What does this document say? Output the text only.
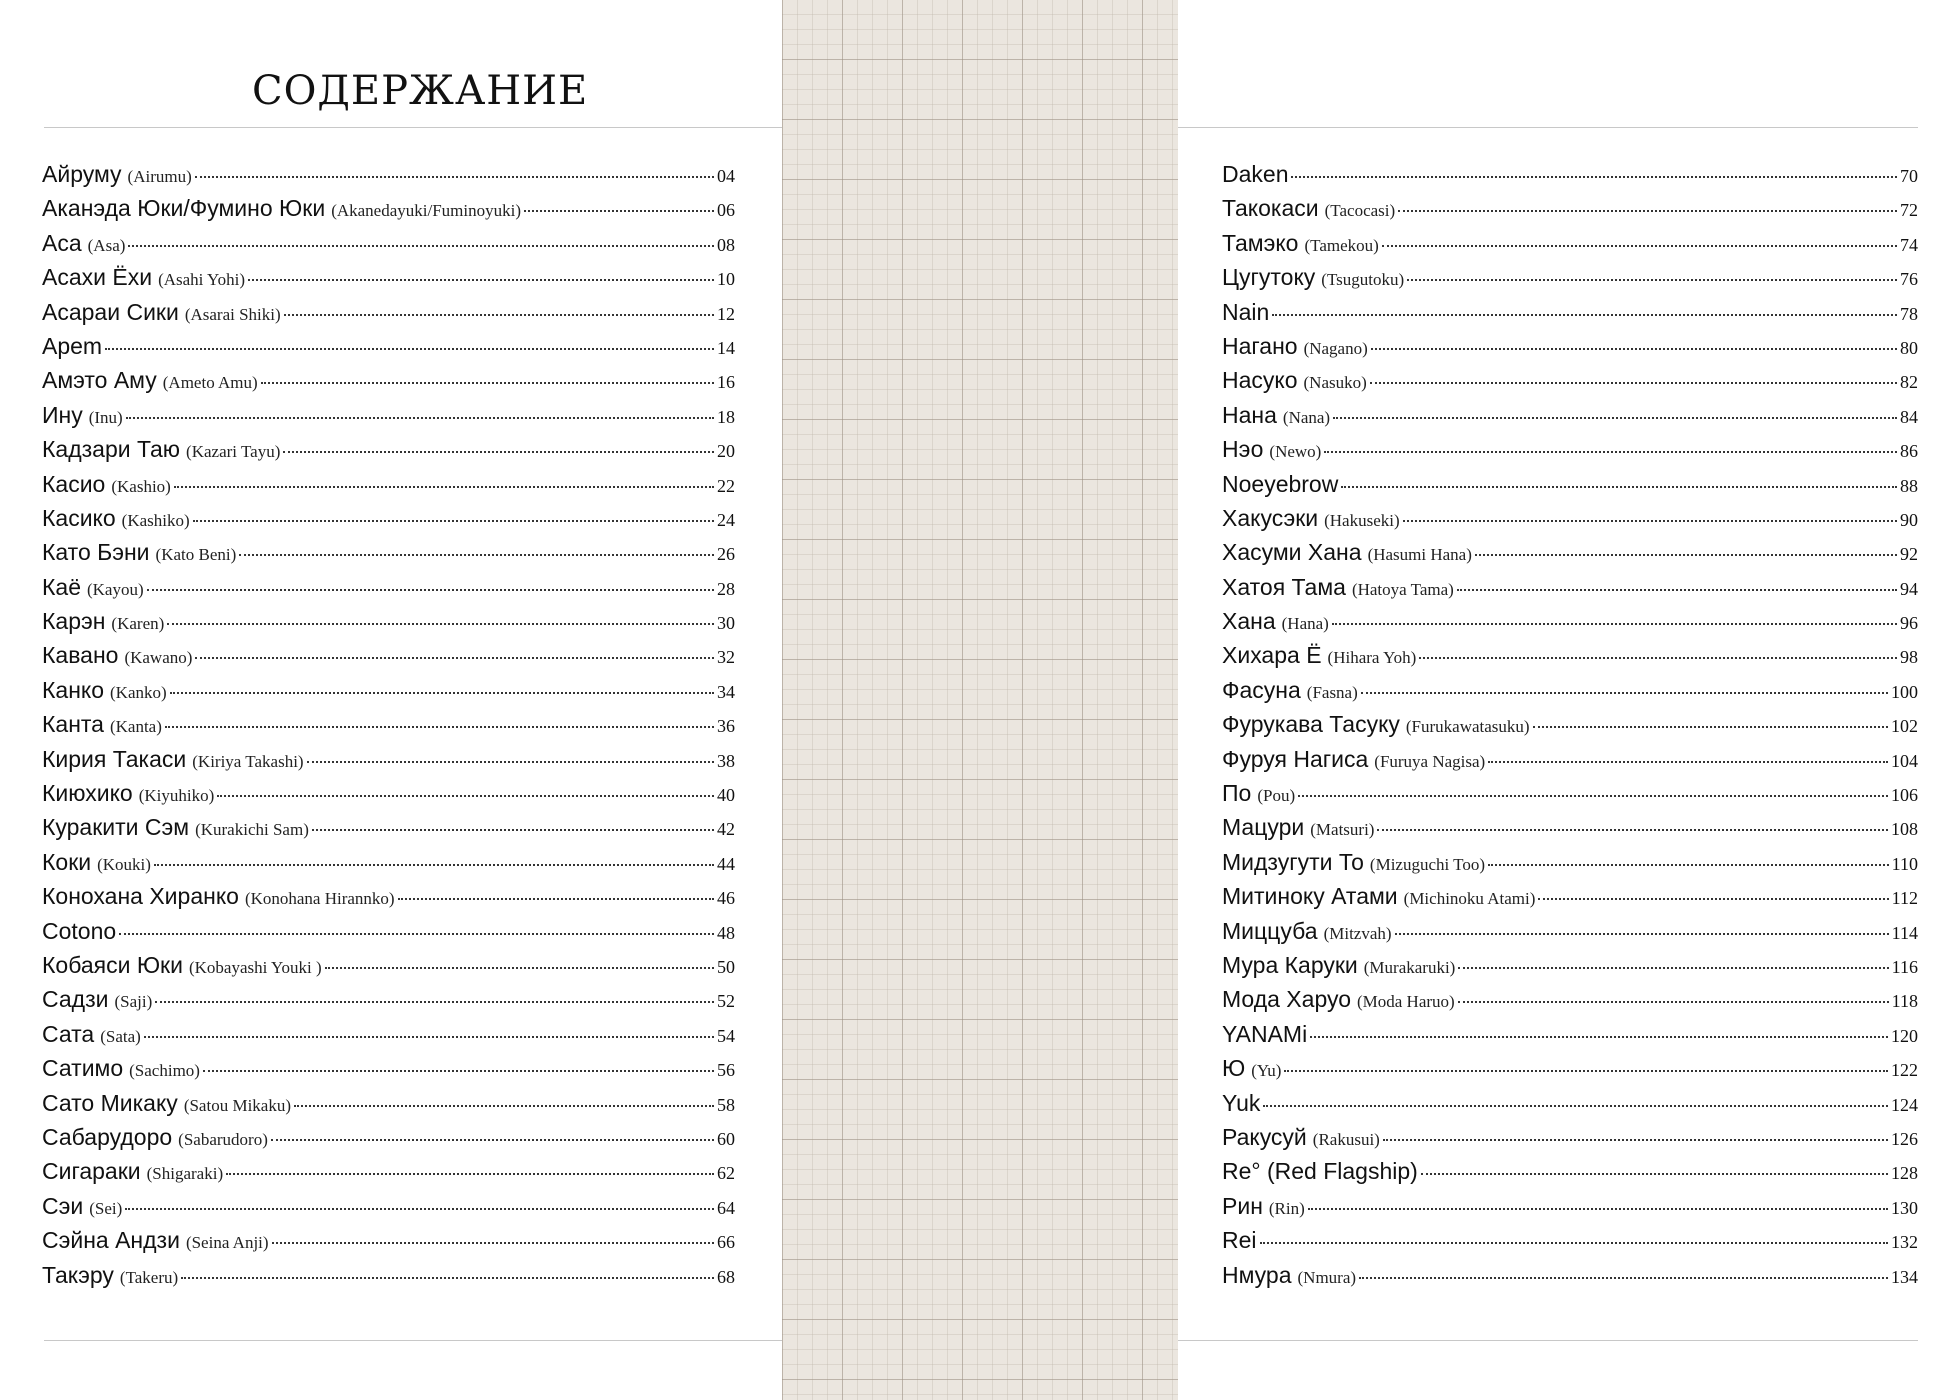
СОДЕРЖАНИЕ
Айруму (Airumu)	04
Аканэда Юки/Фумино Юки (Akanedayuki/Fuminoyuki)	06
Аса (Asa)	08
Асахи Ёхи (Asahi Yohi)	10
Асараи Сики (Asarai Shiki)	12
Apem	14
Амэто Аму (Ameto Amu)	16
Ину (Inu)	18
Кадзари Таю (Kazari Tayu)	20
Касио (Kashio)	22
Касико (Kashiko)	24
Като Бэни (Kato Beni)	26
Каё (Kayou)	28
Карэн (Karen)	30
Кавано (Kawano)	32
Канко (Kanko)	34
Канта (Kanta)	36
Кирия Такаси (Kiriya Takashi)	38
Киюхико (Kiyuhiko)	40
Куракити Сэм (Kurakichi Sam)	42
Коки (Kouki)	44
Конохана Хиранко (Konohana Hirannko)	46
Cotono	48
Кобаяси Юки (Kobayashi Youki )	50
Садзи (Saji)	52
Сата (Sata)	54
Сатимо (Sachimo)	56
Сато Микаку (Satou Mikaku)	58
Сабарудоро (Sabarudoro)	60
Сигараки (Shigaraki)	62
Сэи (Sei)	64
Сэйна Андзи (Seina Anji)	66
Такэру (Takeru)	68
Daken	70
Такокаси (Tacocasi)	72
Тамэко (Tamekou)	74
Цугутоку (Tsugutoku)	76
Nain	78
Нагано (Nagano)	80
Насуко (Nasuko)	82
Нана (Nana)	84
Нэо (Newo)	86
Noeyebrow	88
Хакусэки (Hakuseki)	90
Хасуми Хана (Hasumi Hana)	92
Хатоя Тама (Hatoya Tama)	94
Хана (Hana)	96
Хихара Ё (Hihara Yoh)	98
Фасуна (Fasna)	100
Фурукава Тасуку (Furukawatasuku)	102
Фуруя Нагиса (Furuya Nagisa)	104
По (Pou)	106
Мацури (Matsuri)	108
Мидзугути То (Mizuguchi Too)	110
Митиноку Атами (Michinoku Atami)	112
Миццуба (Mitzvah)	114
Мура Каруки (Murakaruki)	116
Мода Харуо (Moda Haruo)	118
YANAMi	120
Ю (Yu)	122
Yuk	124
Ракусуй (Rakusui)	126
Re° (Red Flagship)	128
Рин (Rin)	130
Rei	132
Нмура (Nmura)	134
